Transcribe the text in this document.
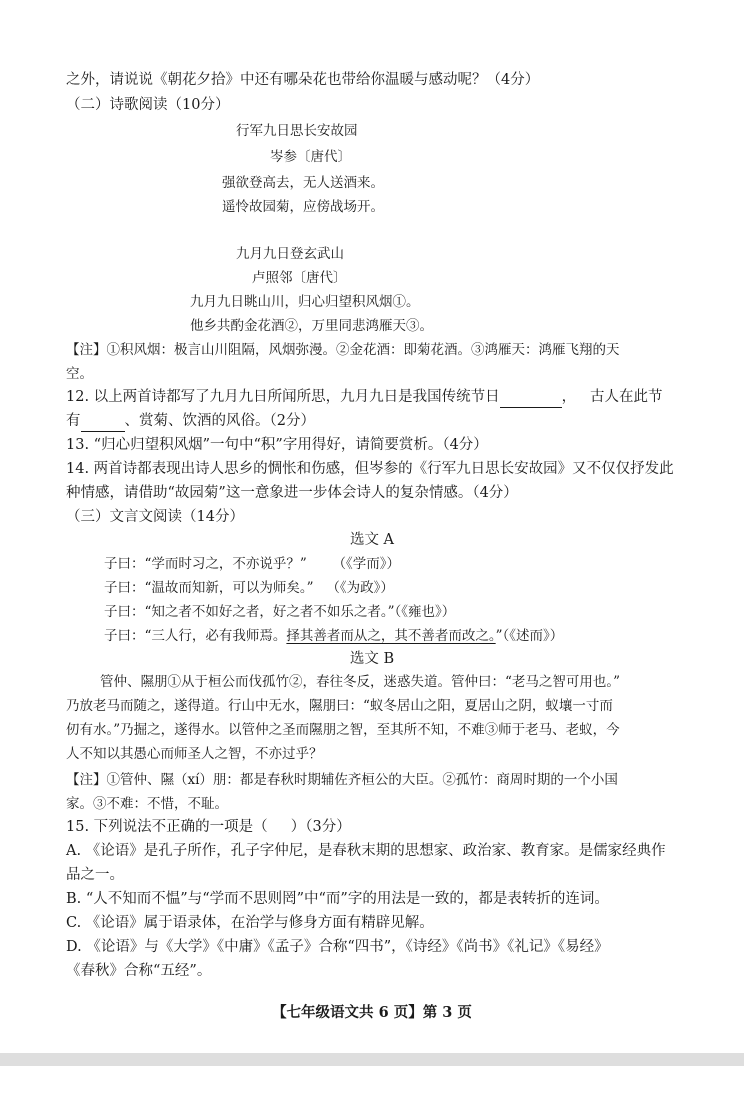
之外，请说说《朝花夕拾》中还有哪朵花也带给你温暖与感动呢？（4分）
（二）诗歌阅读（10分）
行军九日思长安故园
岑参〔唐代〕
强欲登高去，无人送酒来。
遥怜故园菊，应傍战场开。
九月九日登玄武山
卢照邻〔唐代〕
九月九日眺山川，归心归望积风烟①。
他乡共酌金花酒②，万里同悲鸿雁天③。
【注】①积风烟：极言山川阻隔，风烟弥漫。②金花酒：即菊花酒。③鸿雁天：鸿雁飞翔的天
空。
12. 以上两首诗都写了九月九日所闻所思，九月九日是我国传统节日	，   古人在此节
有	、赏菊、饮酒的风俗。（2分）
13. “归心归望积风烟”一句中“积”字用得好，请简要赏析。（4分）
14. 两首诗都表现出诗人思乡的惆怅和伤感，但岑参的《行军九日思长安故园》又不仅仅抒发此
种情感，请借助“故园菊”这一意象进一步体会诗人的复杂情感。（4分）
（三）文言文阅读（14分）
选文 A
子曰：“学而时习之，不亦说乎？”      （《学而》）
子曰：“温故而知新，可以为师矣。”   （《为政》）
子曰：“知之者不如好之者，好之者不如乐之者。”（《雍也》）
子曰：“三人行，必有我师焉。择其善者而从之，其不善者而改之。”（《述而》）
选文 B
管仲、隰朋①从于桓公而伐孤竹②，春往冬反，迷惑失道。管仲曰：“老马之智可用也。”
乃放老马而随之，遂得道。行山中无水，隰朋曰：“蚁冬居山之阳，夏居山之阴，蚁壤一寸而
仞有水。”乃掘之，遂得水。以管仲之圣而隰朋之智，至其所不知，不难③师于老马、老蚁，今
人不知以其愚心而师圣人之智，不亦过乎？
【注】①管仲、隰（xí）朋：都是春秋时期辅佐齐桓公的大臣。②孤竹：商周时期的一个小国
家。③不难：不惜，不耻。
15. 下列说法不正确的一项是（     ）（3分）
A. 《论语》是孔子所作，孔子字仲尼，是春秋末期的思想家、政治家、教育家。是儒家经典作
品之一。
B. “人不知而不愠”与“学而不思则罔”中“而”字的用法是一致的，都是表转折的连词。
C. 《论语》属于语录体，在治学与修身方面有精辟见解。
D. 《论语》与《大学》《中庸》《孟子》合称“四书”，《诗经》《尚书》《礼记》《易经》
《春秋》合称“五经”。
【七年级语文共 6 页】第 3 页
